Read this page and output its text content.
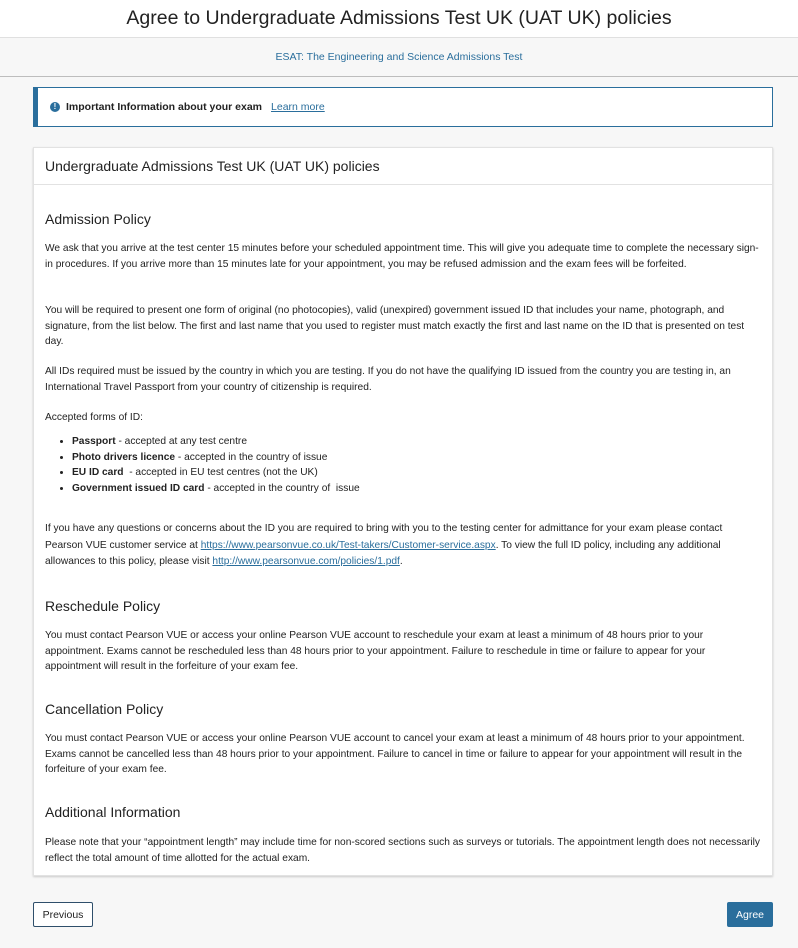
Agree to Undergraduate Admissions Test UK (UAT UK) policies
ESAT: The Engineering and Science Admissions Test
! Important Information about your exam Learn more
Undergraduate Admissions Test UK (UAT UK) policies
Admission Policy

We ask that you arrive at the test center 15 minutes before your scheduled appointment time. This will give you adequate time to complete the necessary sign-in procedures. If you arrive more than 15 minutes late for your appointment, you may be refused admission and the exam fees will be forfeited.

You will be required to present one form of original (no photocopies), valid (unexpired) government issued ID that includes your name, photograph, and signature, from the list below. The first and last name that you used to register must match exactly the first and last name on the ID that is presented on test day.

All IDs required must be issued by the country in which you are testing. If you do not have the qualifying ID issued from the country you are testing in, an International Travel Passport from your country of citizenship is required.

Accepted forms of ID:

• Passport - accepted at any test centre
• Photo drivers licence - accepted in the country of issue
• EU ID card  - accepted in EU test centres (not the UK)
• Government issued ID card - accepted in the country of  issue

If you have any questions or concerns about the ID you are required to bring with you to the testing center for admittance for your exam please contact Pearson VUE customer service at https://www.pearsonvue.co.uk/Test-takers/Customer-service.aspx. To view the full ID policy, including any additional allowances to this policy, please visit http://www.pearsonvue.com/policies/1.pdf.

Reschedule Policy

You must contact Pearson VUE or access your online Pearson VUE account to reschedule your exam at least a minimum of 48 hours prior to your appointment. Exams cannot be rescheduled less than 48 hours prior to your appointment. Failure to reschedule in time or failure to appear for your appointment will result in the forfeiture of your exam fee.

Cancellation Policy

You must contact Pearson VUE or access your online Pearson VUE account to cancel your exam at least a minimum of 48 hours prior to your appointment. Exams cannot be cancelled less than 48 hours prior to your appointment. Failure to cancel in time or failure to appear for your appointment will result in the forfeiture of your exam fee.

Additional Information

Please note that your “appointment length” may include time for non-scored sections such as surveys or tutorials. The appointment length does not necessarily reflect the total amount of time allotted for the actual exam.

Previous	Agree
